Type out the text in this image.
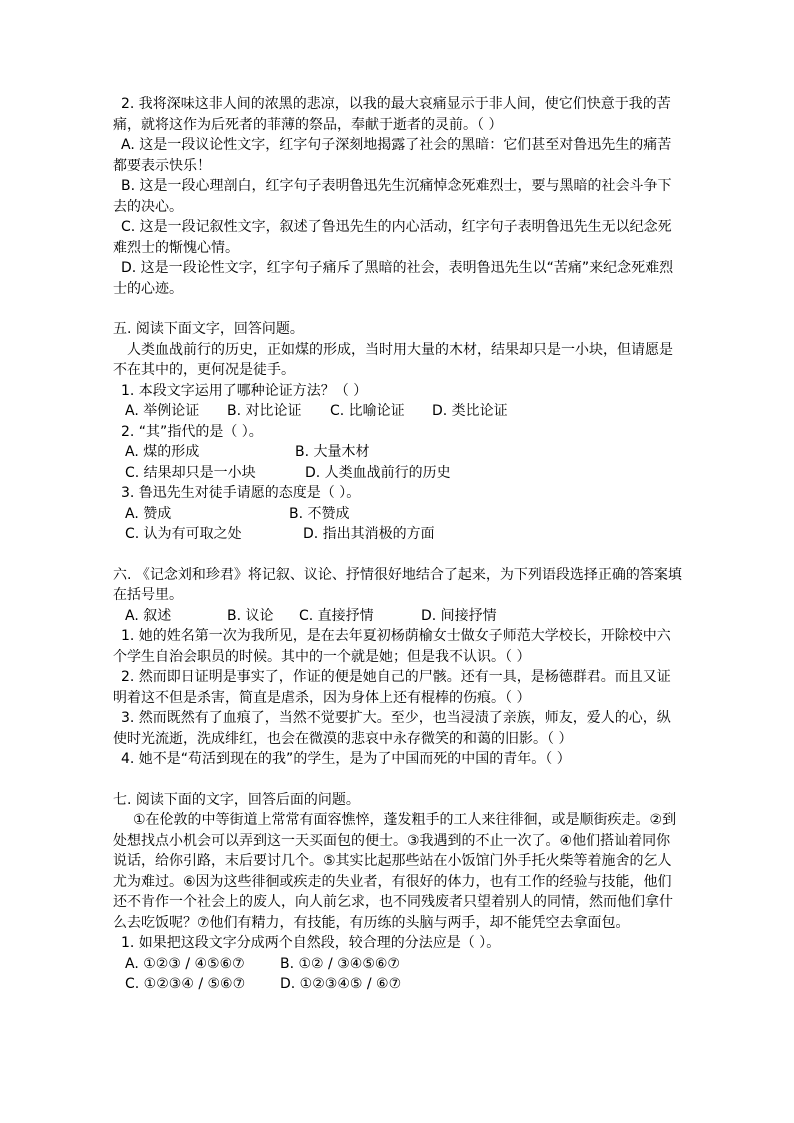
2. 我将深味这非人间的浓黑的悲凉，以我的最大哀痛显示于非人间，使它们快意于我的苦痛，就将这作为后死者的菲薄的祭品，奉献于逝者的灵前。（ ）

A. 这是一段议论性文字，红字句子深刻地揭露了社会的黑暗：它们甚至对鲁迅先生的痛苦都要表示快乐！

B. 这是一段心理剖白，红字句子表明鲁迅先生沉痛悼念死难烈士，要与黑暗的社会斗争下去的决心。

C. 这是一段记叙性文字，叙述了鲁迅先生的内心活动，红字句子表明鲁迅先生无以纪念死难烈士的惭愧心情。

D. 这是一段论性文字，红字句子痛斥了黑暗的社会，表明鲁迅先生以“苦痛”来纪念死难烈士的心迹。

五. 阅读下面文字，回答问题。

人类血战前行的历史，正如煤的形成，当时用大量的木材，结果却只是一小块，但请愿是不在其中的，更何况是徒手。

1. 本段文字运用了哪种论证方法？（ ）

A. 举例论证	B. 对比论证	C. 比喻论证	D. 类比论证

2. “其”指代的是（ ）。

A. 煤的形成	B. 大量木材
C. 结果却只是一小块	D. 人类血战前行的历史

3. 鲁迅先生对徒手请愿的态度是（ ）。

A. 赞成	B. 不赞成
C. 认为有可取之处	D. 指出其消极的方面

六. 《记念刘和珍君》将记叙、议论、抒情很好地结合了起来，为下列语段选择正确的答案填在括号里。

A. 叙述	B. 议论	C. 直接抒情	D. 间接抒情

1. 她的姓名第一次为我所见，是在去年夏初杨荫榆女士做女子师范大学校长，开除校中六个学生自治会职员的时候。其中的一个就是她；但是我不认识。（ ）

2. 然而即日证明是事实了，作证的便是她自己的尸骸。还有一具，是杨德群君。而且又证明着这不但是杀害，简直是虐杀，因为身体上还有棍棒的伤痕。（ ）

3. 然而既然有了血痕了，当然不觉要扩大。至少，也当浸渍了亲族，师友，爱人的心，纵使时光流逝，洗成绯红，也会在微漠的悲哀中永存微笑的和蔼的旧影。（ ）

4. 她不是“苟活到现在的我”的学生，是为了中国而死的中国的青年。（ ）

七. 阅读下面的文字，回答后面的问题。

①在伦敦的中等街道上常常有面容憔悴，蓬发粗手的工人来往徘徊，或是顺街疾走。②到处想找点小机会可以弄到这一天买面包的便士。③我遇到的不止一次了。④他们搭讪着同你说话，给你引路，末后要讨几个。⑤其实比起那些站在小饭馆门外手托火柴等着施舍的乞人尤为难过。⑥因为这些徘徊或疾走的失业者，有很好的体力，也有工作的经验与技能，他们还不肯作一个社会上的废人，向人前乞求，也不同残废者只望着别人的同情，然而他们拿什么去吃饭呢？⑦他们有精力，有技能，有历练的头脑与两手，却不能凭空去拿面包。

1. 如果把这段文字分成两个自然段，较合理的分法应是（ ）。

A. ①②③ / ④⑤⑥⑦	B. ①② / ③④⑤⑥⑦
C. ①②③④ / ⑤⑥⑦	D. ①②③④⑤ / ⑥⑦
